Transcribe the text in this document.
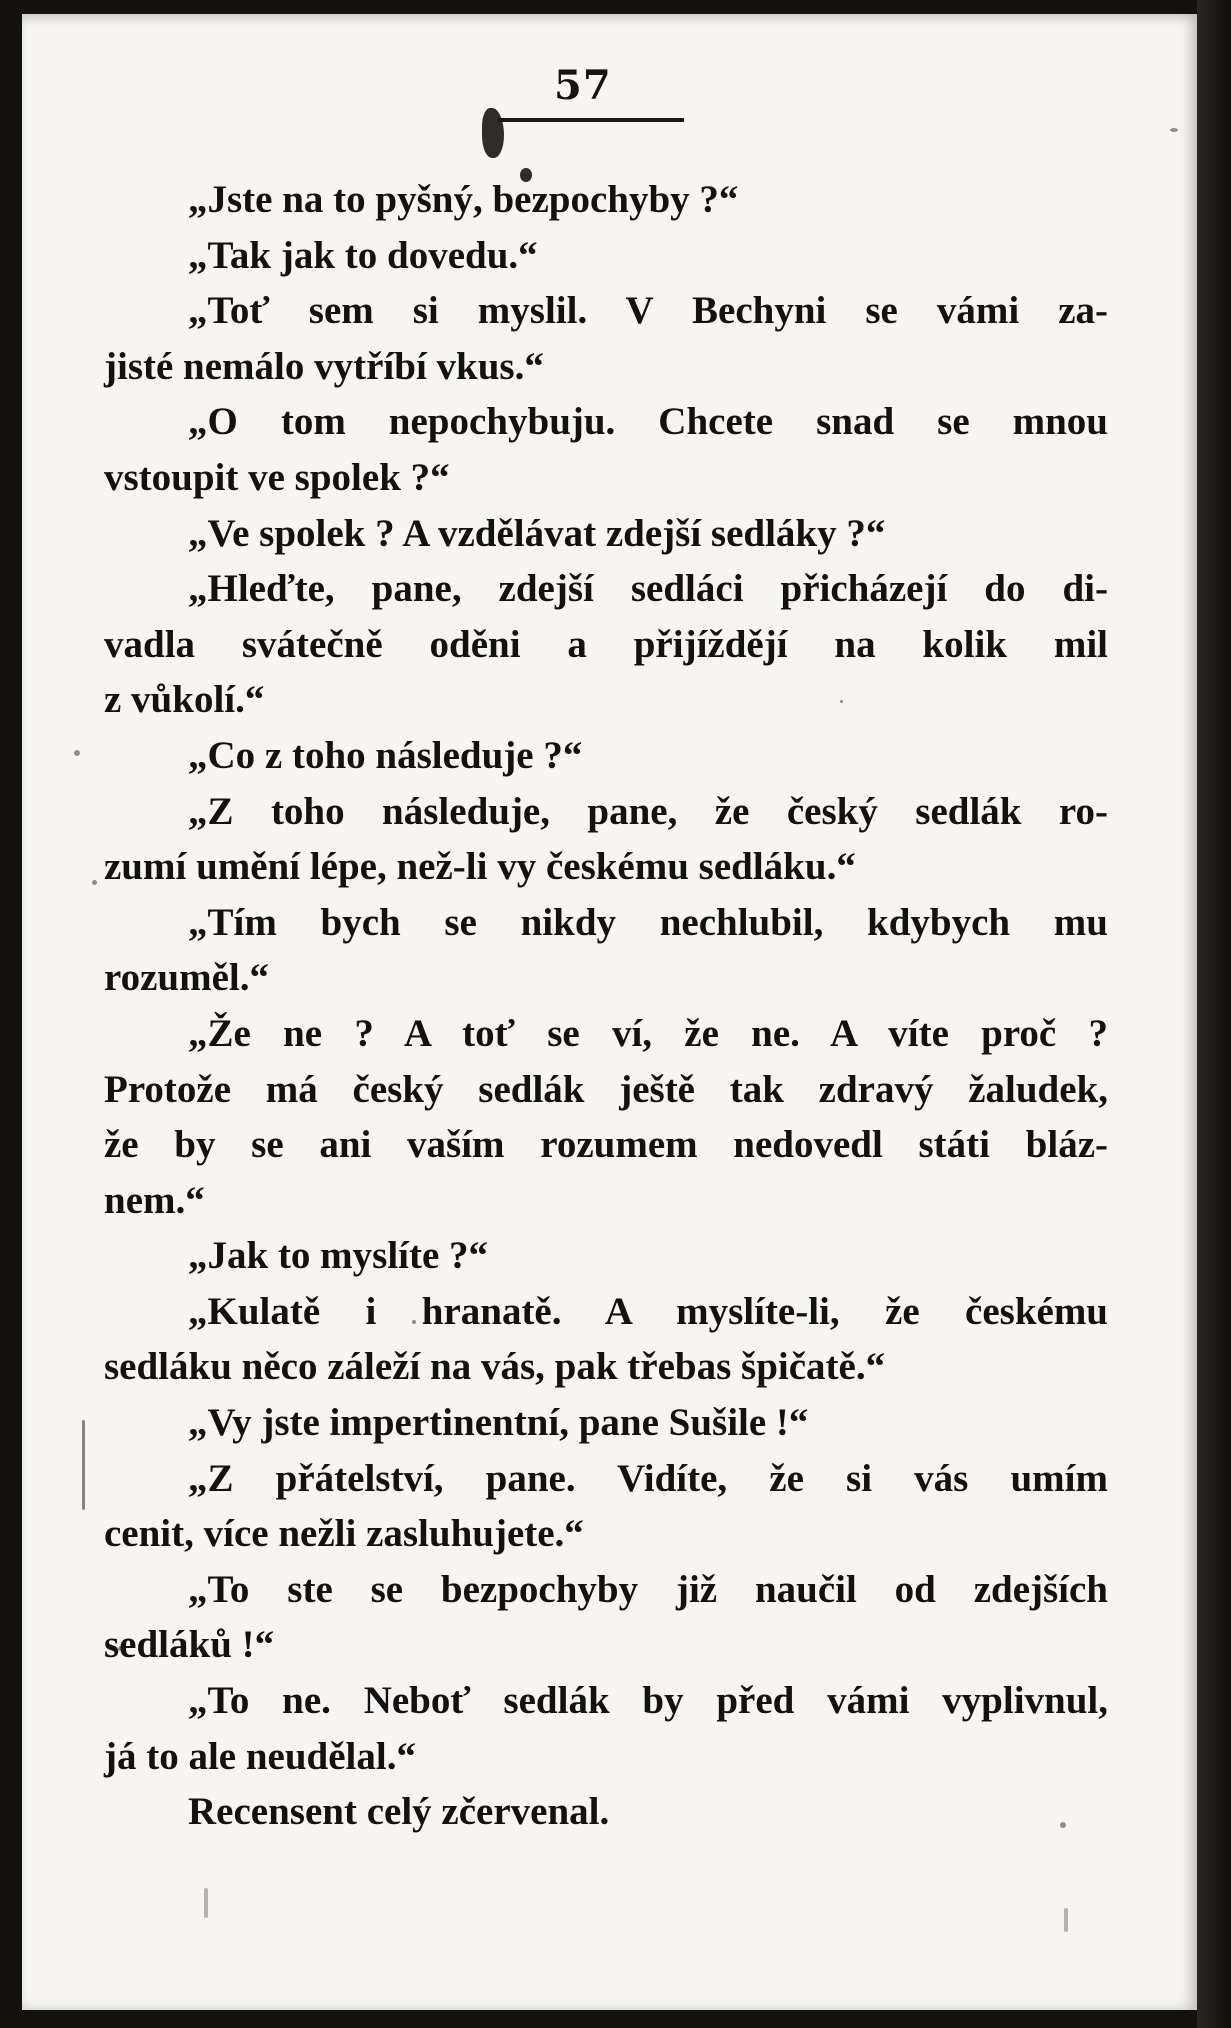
57
„Jste na to pyšný, bezpochyby ?“
„Tak jak to dovedu.“
„Toť sem si myslil. V Bechyni se vámi za-
jisté nemálo vytříbí vkus.“
„O tom nepochybuju. Chcete snad se mnou
vstoupit ve spolek ?“
„Ve spolek ? A vzdělávat zdejší sedláky ?“
„Hleďte, pane, zdejší sedláci přicházejí do di-
vadla svátečně oděni a přijíždějí na kolik mil
z vůkolí.“
„Co z toho následuje ?“
„Z toho následuje, pane, že český sedlák ro-
zumí umění lépe, než-li vy českému sedláku.“
„Tím bych se nikdy nechlubil, kdybych mu
rozuměl.“
„Že ne ? A toť se ví, že ne. A víte proč ?
Protože má český sedlák ještě tak zdravý žaludek,
že by se ani vaším rozumem nedovedl státi bláz-
nem.“
„Jak to myslíte ?“
„Kulatě i hranatě. A myslíte-li, že českému
sedláku něco záleží na vás, pak třebas špičatě.“
„Vy jste impertinentní, pane Sušile !“
„Z přátelství, pane. Vidíte, že si vás umím
cenit, více nežli zasluhujete.“
„To ste se bezpochyby již naučil od zdejších
sedláků !“
„To ne. Neboť sedlák by před vámi vyplivnul,
já to ale neudělal.“
Recensent celý zčervenal.
